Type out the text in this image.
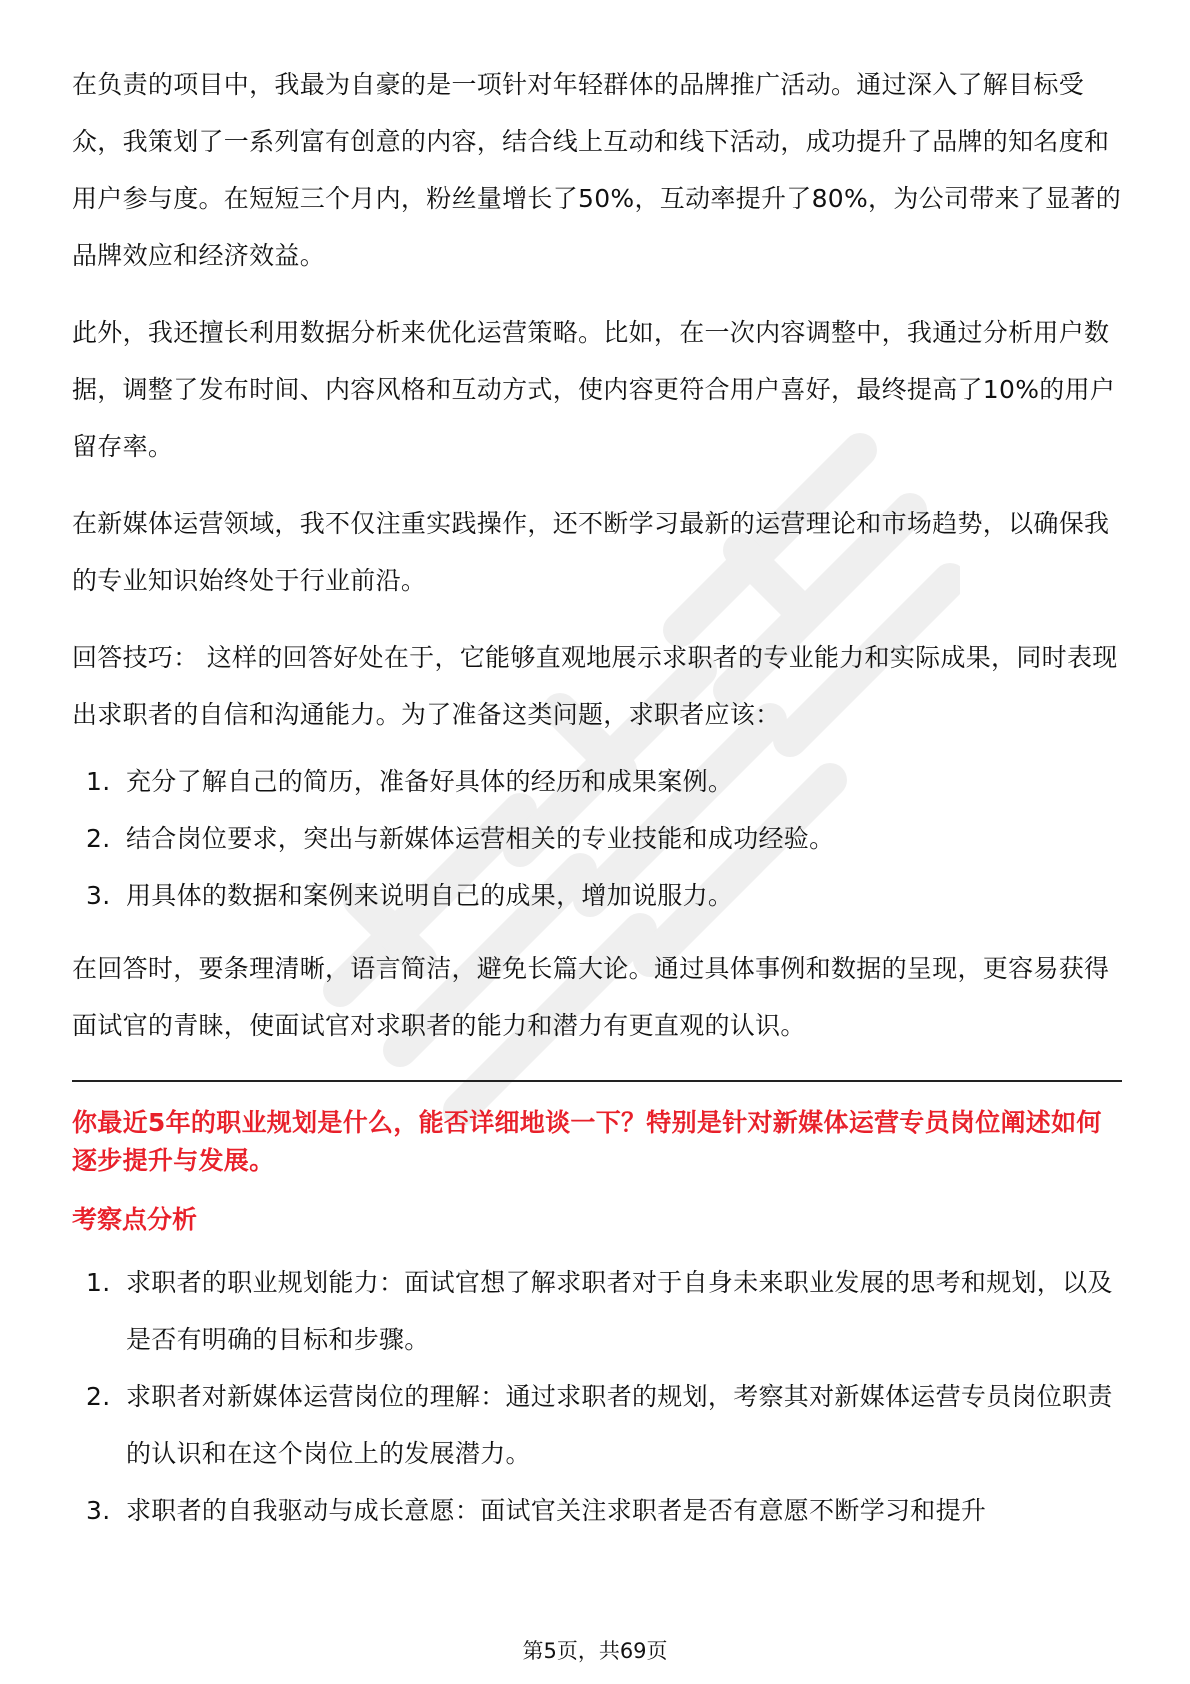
在负责的项目中，我最为自豪的是一项针对年轻群体的品牌推广活动。通过深入了解目标受众，我策划了一系列富有创意的内容，结合线上互动和线下活动，成功提升了品牌的知名度和用户参与度。在短短三个月内，粉丝量增长了50%，互动率提升了80%，为公司带来了显著的品牌效应和经济效益。

此外，我还擅长利用数据分析来优化运营策略。比如，在一次内容调整中，我通过分析用户数据，调整了发布时间、内容风格和互动方式，使内容更符合用户喜好，最终提高了10%的用户留存率。

在新媒体运营领域，我不仅注重实践操作，还不断学习最新的运营理论和市场趋势，以确保我的专业知识始终处于行业前沿。

回答技巧： 这样的回答好处在于，它能够直观地展示求职者的专业能力和实际成果，同时表现出求职者的自信和沟通能力。为了准备这类问题，求职者应该：

1. 充分了解自己的简历，准备好具体的经历和成果案例。
2. 结合岗位要求，突出与新媒体运营相关的专业技能和成功经验。
3. 用具体的数据和案例来说明自己的成果，增加说服力。

在回答时，要条理清晰，语言简洁，避免长篇大论。通过具体事例和数据的呈现，更容易获得面试官的青睐，使面试官对求职者的能力和潜力有更直观的认识。

你最近5年的职业规划是什么，能否详细地谈一下？特别是针对新媒体运营专员岗位阐述如何逐步提升与发展。

考察点分析
1. 求职者的职业规划能力：面试官想了解求职者对于自身未来职业发展的思考和规划，以及是否有明确的目标和步骤。
2. 求职者对新媒体运营岗位的理解：通过求职者的规划，考察其对新媒体运营专员岗位职责的认识和在这个岗位上的发展潜力。
3. 求职者的自我驱动与成长意愿：面试官关注求职者是否有意愿不断学习和提升
第5页，共69页
